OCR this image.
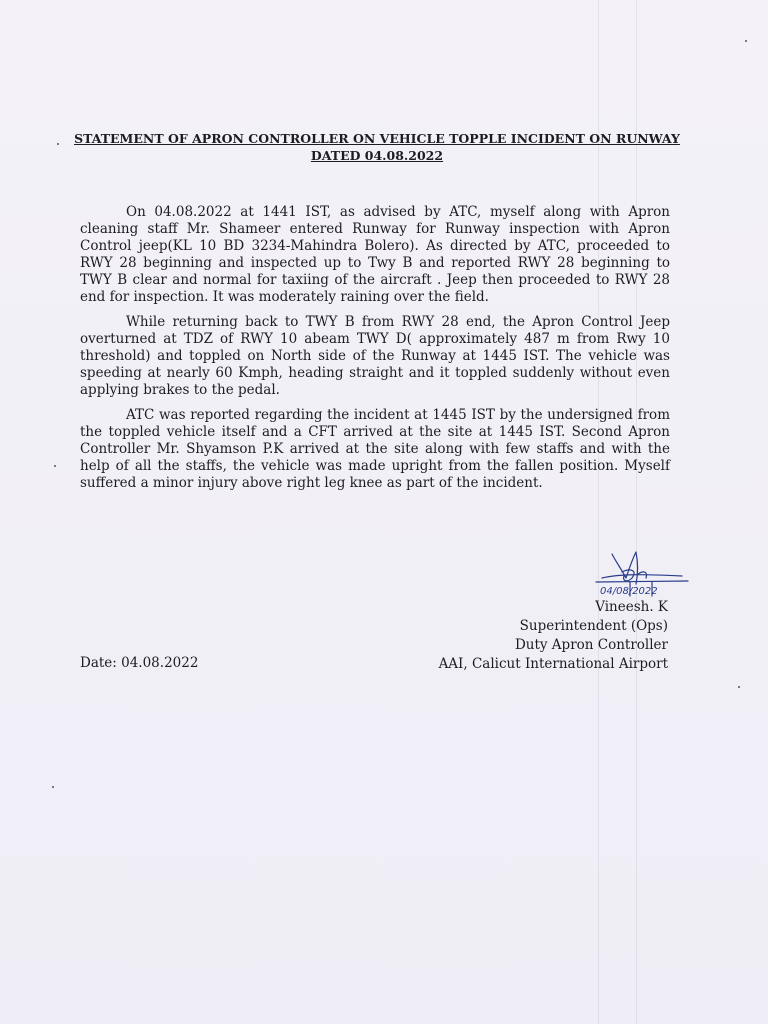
STATEMENT OF APRON CONTROLLER ON VEHICLE TOPPLE INCIDENT ON RUNWAY
DATED 04.08.2022

On 04.08.2022 at 1441 IST, as advised by ATC, myself along with Apron cleaning staff Mr. Shameer entered Runway for Runway inspection with Apron Control jeep(KL 10 BD 3234-Mahindra Bolero). As directed by ATC, proceeded to RWY 28 beginning and inspected up to Twy B and reported RWY 28 beginning to TWY B clear and normal for taxiing of the aircraft . Jeep then proceeded to RWY 28 end for inspection. It was moderately raining over the field.

While returning back to TWY B from RWY 28 end, the Apron Control Jeep overturned at TDZ of RWY 10 abeam TWY D( approximately 487 m from Rwy 10 threshold) and toppled on North side of the Runway at 1445 IST. The vehicle was speeding at nearly 60 Kmph, heading straight and it toppled suddenly without even applying brakes to the pedal.

ATC was reported regarding the incident at 1445 IST by the undersigned from the toppled vehicle itself and a CFT arrived at the site at 1445 IST. Second Apron Controller Mr. Shyamson P.K arrived at the site along with few staffs and with the help of all the staffs, the vehicle was made upright from the fallen position. Myself suffered a minor injury above right leg knee as part of the incident.

04/08/2022
Vineesh. K
Superintendent (Ops)
Duty Apron Controller
AAI, Calicut International Airport
Date: 04.08.2022
